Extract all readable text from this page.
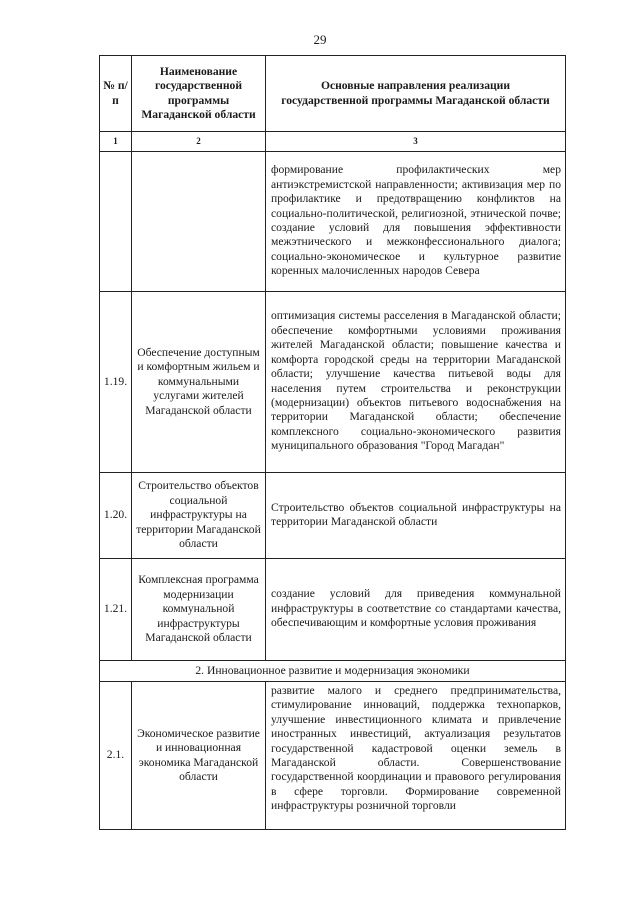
29
№ п/п	Наименование государственной программы Магаданской области	Основные направления реализации государственной программы Магаданской области
1	2	3
		формирование профилактических мер антиэкстремистской направленности; активизация мер по профилактике и предотвращению конфликтов на социально-политической, религиозной, этнической почве; создание условий для повышения эффективности межэтнического и межконфессионального диалога; социально-экономическое и культурное развитие коренных малочисленных народов Севера
1.19.	Обеспечение доступным и комфортным жильем и коммунальными услугами жителей Магаданской области	оптимизация системы расселения в Магаданской области; обеспечение комфортными условиями проживания жителей Магаданской области; повышение качества и комфорта городской среды на территории Магаданской области; улучшение качества питьевой воды для населения путем строительства и реконструкции (модернизации) объектов питьевого водоснабжения на территории Магаданской области; обеспечение комплексного социально-экономического развития муниципального образования "Город Магадан"
1.20.	Строительство объектов социальной инфраструктуры на территории Магаданской области	Строительство объектов социальной инфраструктуры на территории Магаданской области
1.21.	Комплексная программа модернизации коммунальной инфраструктуры Магаданской области	создание условий для приведения коммунальной инфраструктуры в соответствие со стандартами качества, обеспечивающим и комфортные условия проживания
2. Инновационное развитие и модернизация экономики		
2.1.	Экономическое развитие и инновационная экономика Магаданской области	развитие малого и среднего предпринимательства, стимулирование инноваций, поддержка технопарков, улучшение инвестиционного климата и привлечение иностранных инвестиций, актуализация результатов государственной кадастровой оценки земель в Магаданской области. Совершенствование государственной координации и правового регулирования в сфере торговли. Формирование современной инфраструктуры розничной торговли
